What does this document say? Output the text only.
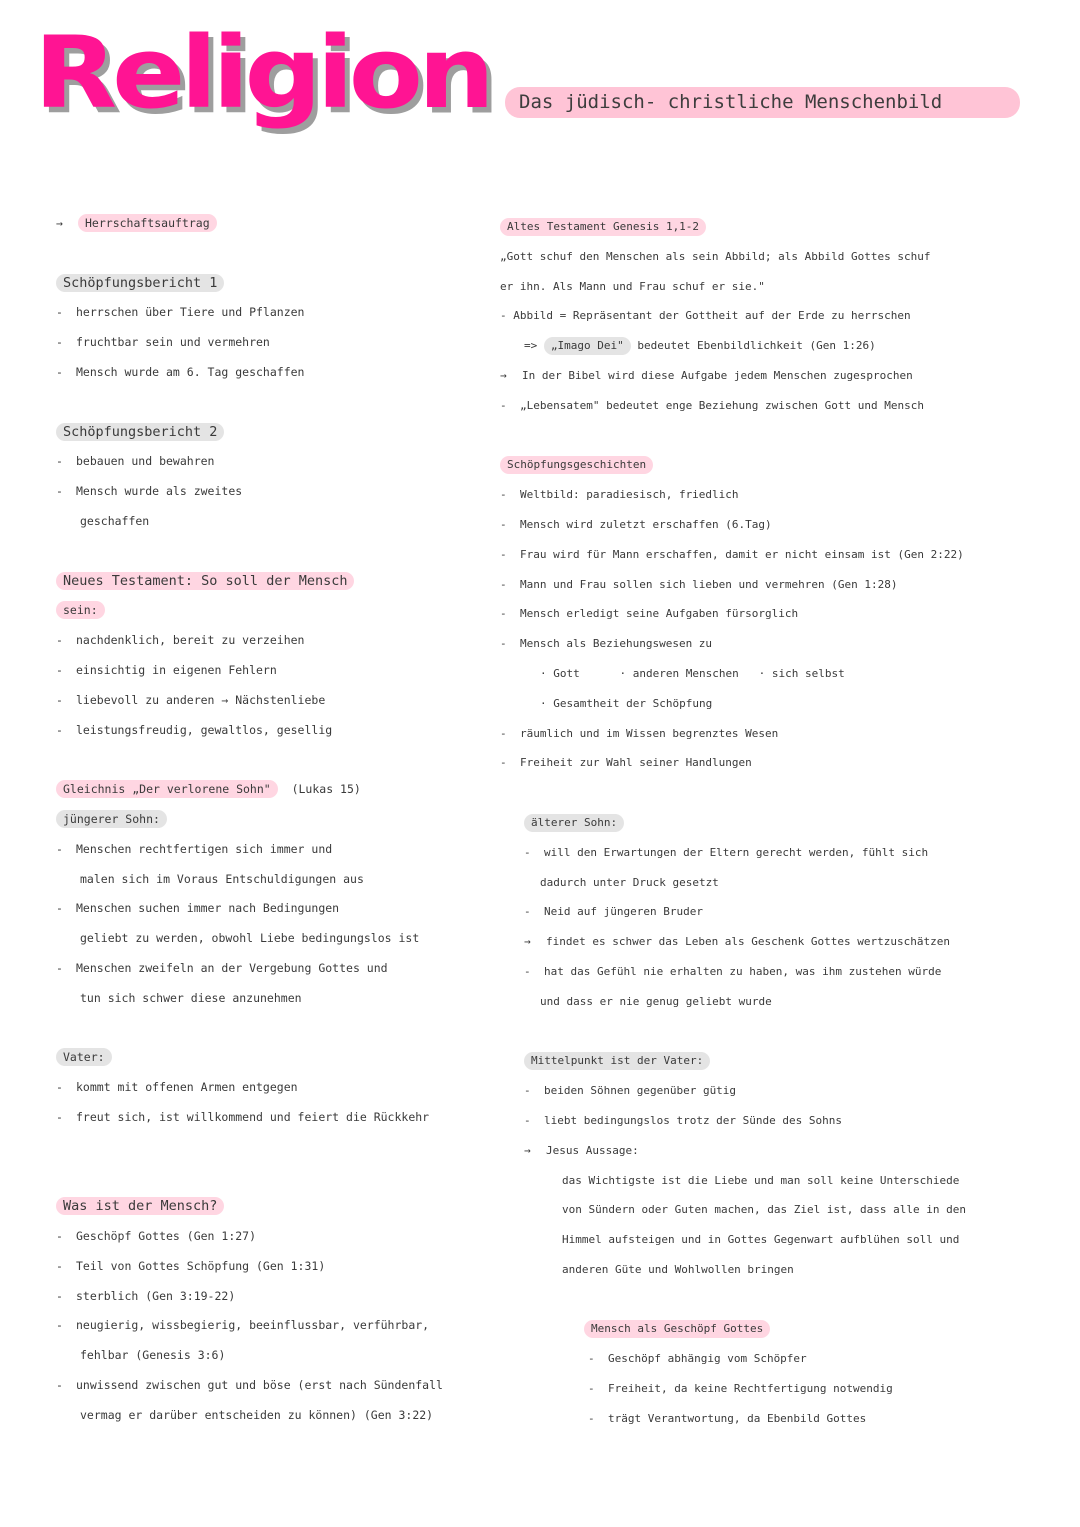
Religion	Das jüdisch- christliche Menschenbild
→ Herrschaftsauftrag
Schöpfungsbericht 1
- herrschen über Tiere und Pflanzen
- fruchtbar sein und vermehren
- Mensch wurde am 6. Tag geschaffen
Schöpfungsbericht 2
- bebauen und bewahren
- Mensch wurde als zweites
geschaffen
Neues Testament: So soll der Mensch
sein:
- nachdenklich, bereit zu verzeihen
- einsichtig in eigenen Fehlern
- liebevoll zu anderen → Nächstenliebe
- leistungsfreudig, gewaltlos, gesellig
Gleichnis „Der verlorene Sohn" (Lukas 15)
jüngerer Sohn:
- Menschen rechtfertigen sich immer und
malen sich im Voraus Entschuldigungen aus
- Menschen suchen immer nach Bedingungen
geliebt zu werden, obwohl Liebe bedingungslos ist
- Menschen zweifeln an der Vergebung Gottes und
tun sich schwer diese anzunehmen
Vater:
- kommt mit offenen Armen entgegen
- freut sich, ist willkommend und feiert die Rückkehr
Was ist der Mensch?
- Geschöpf Gottes (Gen 1:27)
- Teil von Gottes Schöpfung (Gen 1:31)
- sterblich (Gen 3:19-22)
- neugierig, wissbegierig, beeinflussbar, verführbar,
fehlbar (Genesis 3:6)
- unwissend zwischen gut und böse (erst nach Sündenfall
vermag er darüber entscheiden zu können) (Gen 3:22)
Altes Testament Genesis 1,1-2
„Gott schuf den Menschen als sein Abbild; als Abbild Gottes schuf
er ihn. Als Mann und Frau schuf er sie."
- Abbild = Repräsentant der Gottheit auf der Erde zu herrschen
=> „Imago Dei" bedeutet Ebenbildlichkeit (Gen 1:26)
→ In der Bibel wird diese Aufgabe jedem Menschen zugesprochen
- „Lebensatem" bedeutet enge Beziehung zwischen Gott und Mensch
Schöpfungsgeschichten
- Weltbild: paradiesisch, friedlich
- Mensch wird zuletzt erschaffen (6.Tag)
- Frau wird für Mann erschaffen, damit er nicht einsam ist (Gen 2:22)
- Mann und Frau sollen sich lieben und vermehren (Gen 1:28)
- Mensch erledigt seine Aufgaben fürsorglich
- Mensch als Beziehungswesen zu
· Gott	· anderen Menschen · sich selbst
· Gesamtheit der Schöpfung
- räumlich und im Wissen begrenztes Wesen
- Freiheit zur Wahl seiner Handlungen
älterer Sohn:
- will den Erwartungen der Eltern gerecht werden, fühlt sich
dadurch unter Druck gesetzt
- Neid auf jüngeren Bruder
→ findet es schwer das Leben als Geschenk Gottes wertzuschätzen
- hat das Gefühl nie erhalten zu haben, was ihm zustehen würde
und dass er nie genug geliebt wurde
Mittelpunkt ist der Vater:
- beiden Söhnen gegenüber gütig
- liebt bedingungslos trotz der Sünde des Sohns
→ Jesus Aussage:
das Wichtigste ist die Liebe und man soll keine Unterschiede
von Sündern oder Guten machen, das Ziel ist, dass alle in den
Himmel aufsteigen und in Gottes Gegenwart aufblühen soll und
anderen Güte und Wohlwollen bringen
Mensch als Geschöpf Gottes
- Geschöpf abhängig vom Schöpfer
- Freiheit, da keine Rechtfertigung notwendig
- trägt Verantwortung, da Ebenbild Gottes
